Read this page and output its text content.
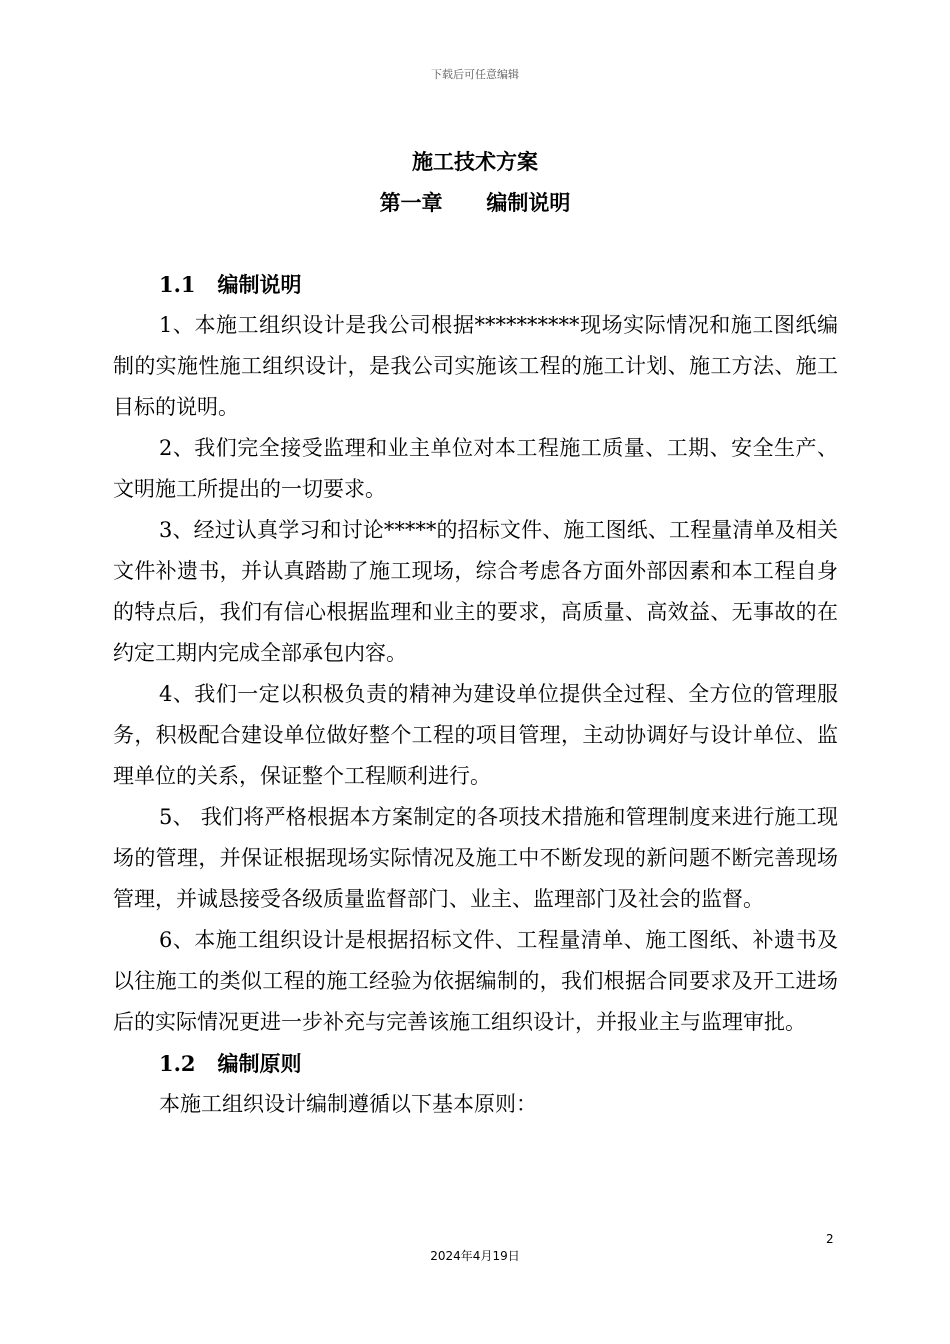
下载后可任意编辑
施工技术方案
第一章      编制说明
1.1   编制说明

1、本施工组织设计是我公司根据**********现场实际情况和施工图纸编制的实施性施工组织设计，是我公司实施该工程的施工计划、施工方法、施工目标的说明。

2、我们完全接受监理和业主单位对本工程施工质量、工期、安全生产、文明施工所提出的一切要求。

3、经过认真学习和讨论*****的招标文件、施工图纸、工程量清单及相关文件补遗书，并认真踏勘了施工现场，综合考虑各方面外部因素和本工程自身的特点后，我们有信心根据监理和业主的要求，高质量、高效益、无事故的在约定工期内完成全部承包内容。

4、我们一定以积极负责的精神为建设单位提供全过程、全方位的管理服务，积极配合建设单位做好整个工程的项目管理，主动协调好与设计单位、监理单位的关系，保证整个工程顺利进行。

5、 我们将严格根据本方案制定的各项技术措施和管理制度来进行施工现场的管理，并保证根据现场实际情况及施工中不断发现的新问题不断完善现场管理，并诚恳接受各级质量监督部门、业主、监理部门及社会的监督。

6、本施工组织设计是根据招标文件、工程量清单、施工图纸、补遗书及以往施工的类似工程的施工经验为依据编制的，我们根据合同要求及开工进场后的实际情况更进一步补充与完善该施工组织设计，并报业主与监理审批。

1.2   编制原则

本施工组织设计编制遵循以下基本原则：

2
2024年4月19日
